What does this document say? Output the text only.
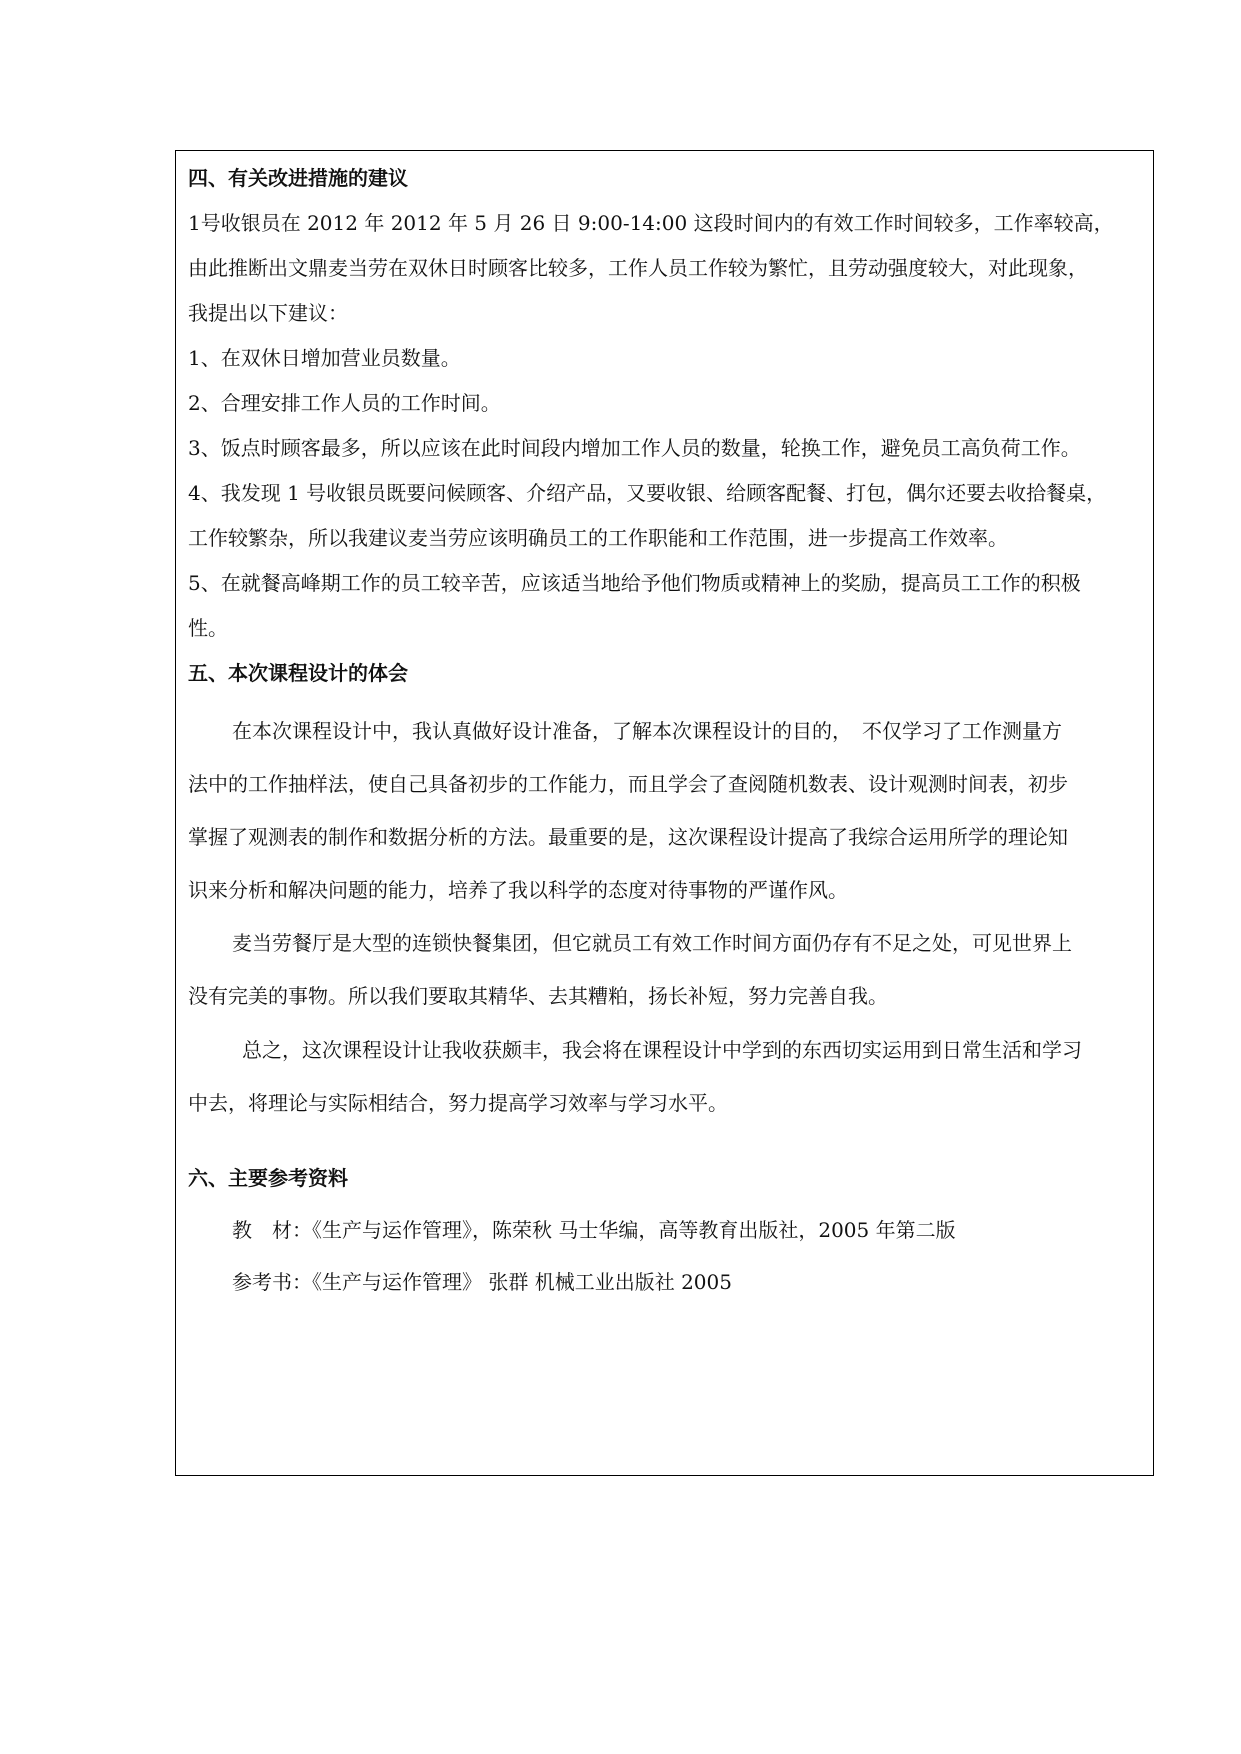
四、有关改进措施的建议
1号收银员在 2012 年 2012 年 5 月 26 日 9:00-14:00 这段时间内的有效工作时间较多，工作率较高，
由此推断出文鼎麦当劳在双休日时顾客比较多，工作人员工作较为繁忙，且劳动强度较大，对此现象，
我提出以下建议：
1、在双休日增加营业员数量。
2、合理安排工作人员的工作时间。
3、饭点时顾客最多，所以应该在此时间段内增加工作人员的数量，轮换工作，避免员工高负荷工作。
4、我发现 1 号收银员既要问候顾客、介绍产品，又要收银、给顾客配餐、打包，偶尔还要去收拾餐桌，
工作较繁杂，所以我建议麦当劳应该明确员工的工作职能和工作范围，进一步提高工作效率。
5、在就餐高峰期工作的员工较辛苦，应该适当地给予他们物质或精神上的奖励，提高员工工作的积极
性。
五、本次课程设计的体会
在本次课程设计中，我认真做好设计准备，了解本次课程设计的目的，　不仅学习了工作测量方
法中的工作抽样法，使自己具备初步的工作能力，而且学会了查阅随机数表、设计观测时间表，初步
掌握了观测表的制作和数据分析的方法。最重要的是，这次课程设计提高了我综合运用所学的理论知
识来分析和解决问题的能力，培养了我以科学的态度对待事物的严谨作风。
麦当劳餐厅是大型的连锁快餐集团，但它就员工有效工作时间方面仍存有不足之处，可见世界上
没有完美的事物。所以我们要取其精华、去其糟粕，扬长补短，努力完善自我。
总之，这次课程设计让我收获颇丰，我会将在课程设计中学到的东西切实运用到日常生活和学习
中去，将理论与实际相结合，努力提高学习效率与学习水平。
六、主要参考资料
教　材：《生产与运作管理》，陈荣秋 马士华编，高等教育出版社，2005 年第二版
参考书：《生产与运作管理》 张群 机械工业出版社 2005
